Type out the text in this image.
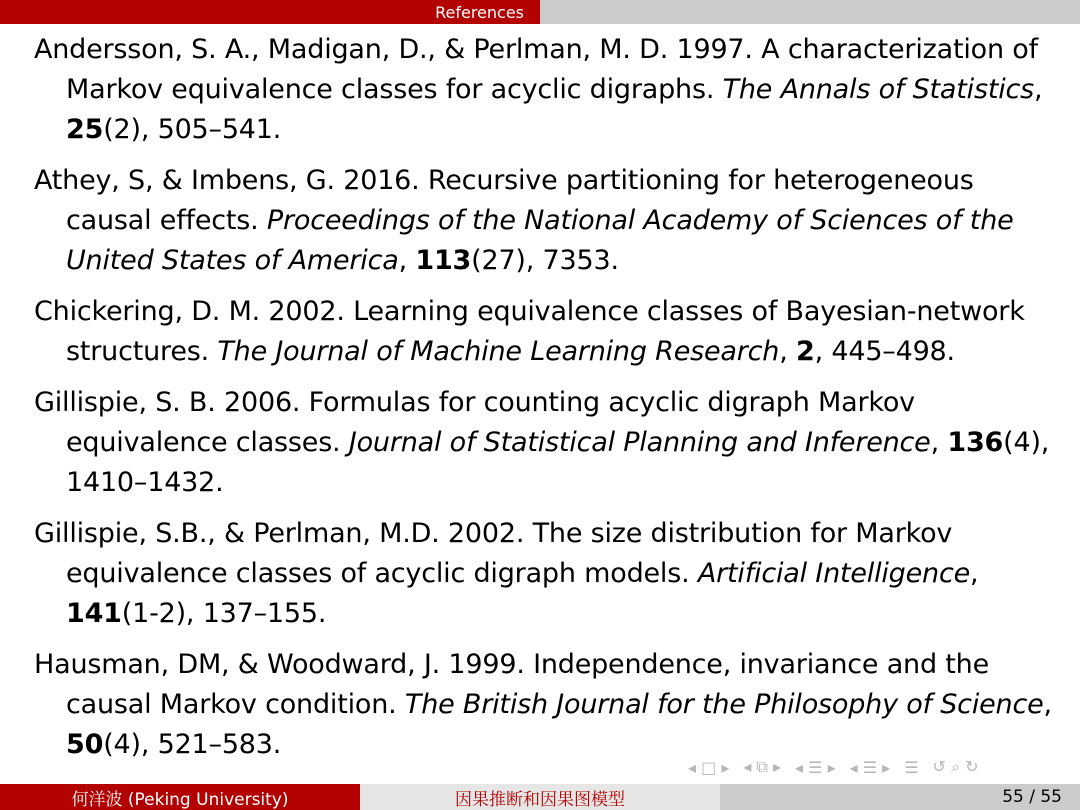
References
Andersson, S. A., Madigan, D., & Perlman, M. D. 1997. A characterization of Markov equivalence classes for acyclic digraphs. The Annals of Statistics, 25(2), 505–541.
Athey, S, & Imbens, G. 2016. Recursive partitioning for heterogeneous causal effects. Proceedings of the National Academy of Sciences of the United States of America, 113(27), 7353.
Chickering, D. M. 2002. Learning equivalence classes of Bayesian-network structures. The Journal of Machine Learning Research, 2, 445–498.
Gillispie, S. B. 2006. Formulas for counting acyclic digraph Markov equivalence classes. Journal of Statistical Planning and Inference, 136(4), 1410–1432.
Gillispie, S.B., & Perlman, M.D. 2002. The size distribution for Markov equivalence classes of acyclic digraph models. Artificial Intelligence, 141(1-2), 137–155.
Hausman, DM, & Woodward, J. 1999. Independence, invariance and the causal Markov condition. The British Journal for the Philosophy of Science, 50(4), 521–583.
◂ □ ▸ ◂ ⧉ ▸ ◂ ☰ ▸ ◂ ☰ ▸ ☰ ↺ ⌕ ↻
何洋波 (Peking University)	因果推断和因果图模型	55 / 55
